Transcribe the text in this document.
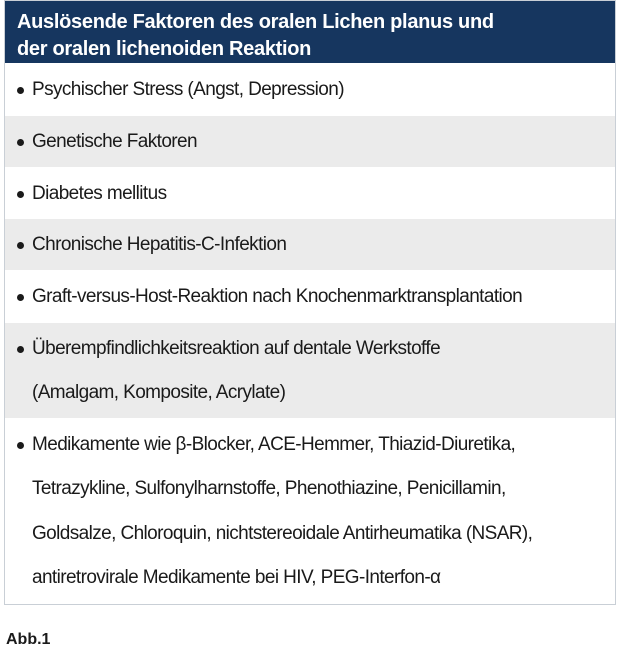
Auslösende Faktoren des oralen Lichen planus und
der oralen lichenoiden Reaktion
Psychischer Stress (Angst, Depression)
Genetische Faktoren
Diabetes mellitus
Chronische Hepatitis-C-Infektion
Graft-versus-Host-Reaktion nach Knochenmarktransplantation
Überempfindlichkeitsreaktion auf dentale Werkstoffe
(Amalgam, Komposite, Acrylate)
Medikamente wie β-Blocker, ACE-Hemmer, Thiazid-Diuretika,
Tetrazykline, Sulfonylharnstoffe, Phenothiazine, Penicillamin,
Goldsalze, Chloroquin, nichtstereoidale Antirheumatika (NSAR),
antiretrovirale Medikamente bei HIV, PEG-Interfon-α
Abb.1
